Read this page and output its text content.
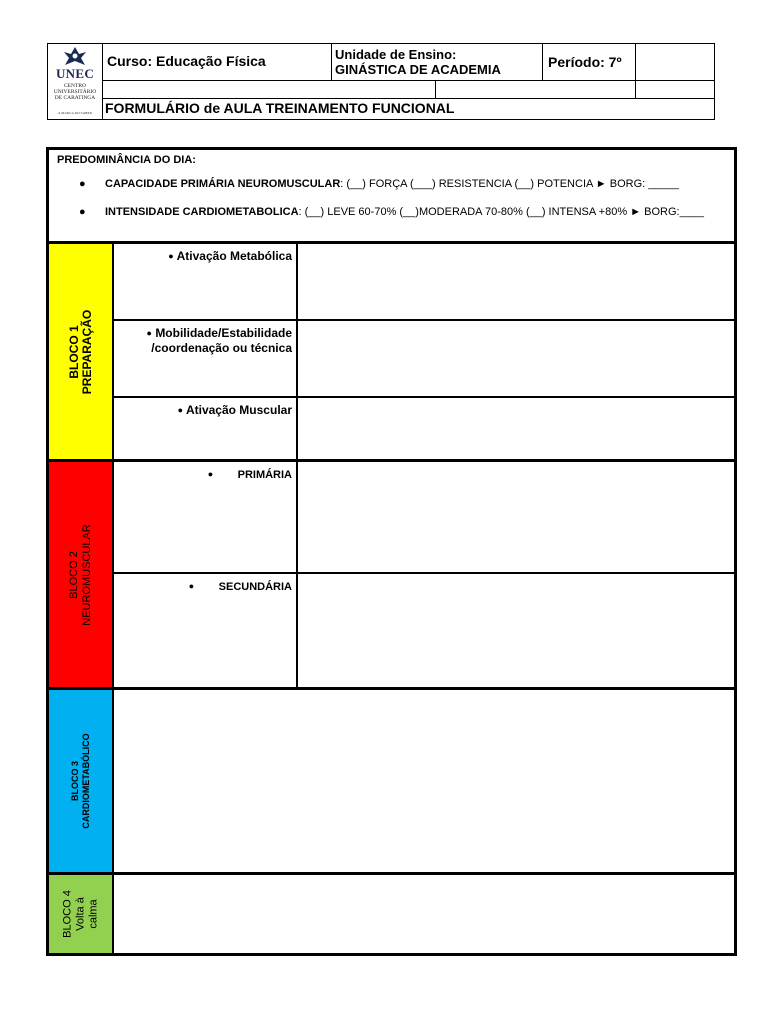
UNEC
CENTRO
UNIVERSITÁRIO
DE CARATINGA
A MARCA DO SABER
Curso: Educação Física	Unidade de Ensino:
GINÁSTICA DE ACADEMIA	Período: 7º
FORMULÁRIO de AULA TREINAMENTO FUNCIONAL
PREDOMINÂNCIA DO DIA:
● CAPACIDADE PRIMÁRIA NEUROMUSCULAR: (__) FORÇA (___) RESISTENCIA (__) POTENCIA ► BORG: _____
● INTENSIDADE CARDIOMETABOLICA: (__) LEVE 60-70% (__)MODERADA 70-80% (__) INTENSA +80% ► BORG:____
BLOCO 1 PREPARAÇÃO
● Ativação Metabólica
● Mobilidade/Estabilidade /coordenação ou técnica
● Ativação Muscular
BLOCO 2 NEUROMUSCULAR
● PRIMÁRIA
● SECUNDÁRIA
BLOCO 3 CARDIOMETABÓLICO
BLOCO 4 Volta à calma
